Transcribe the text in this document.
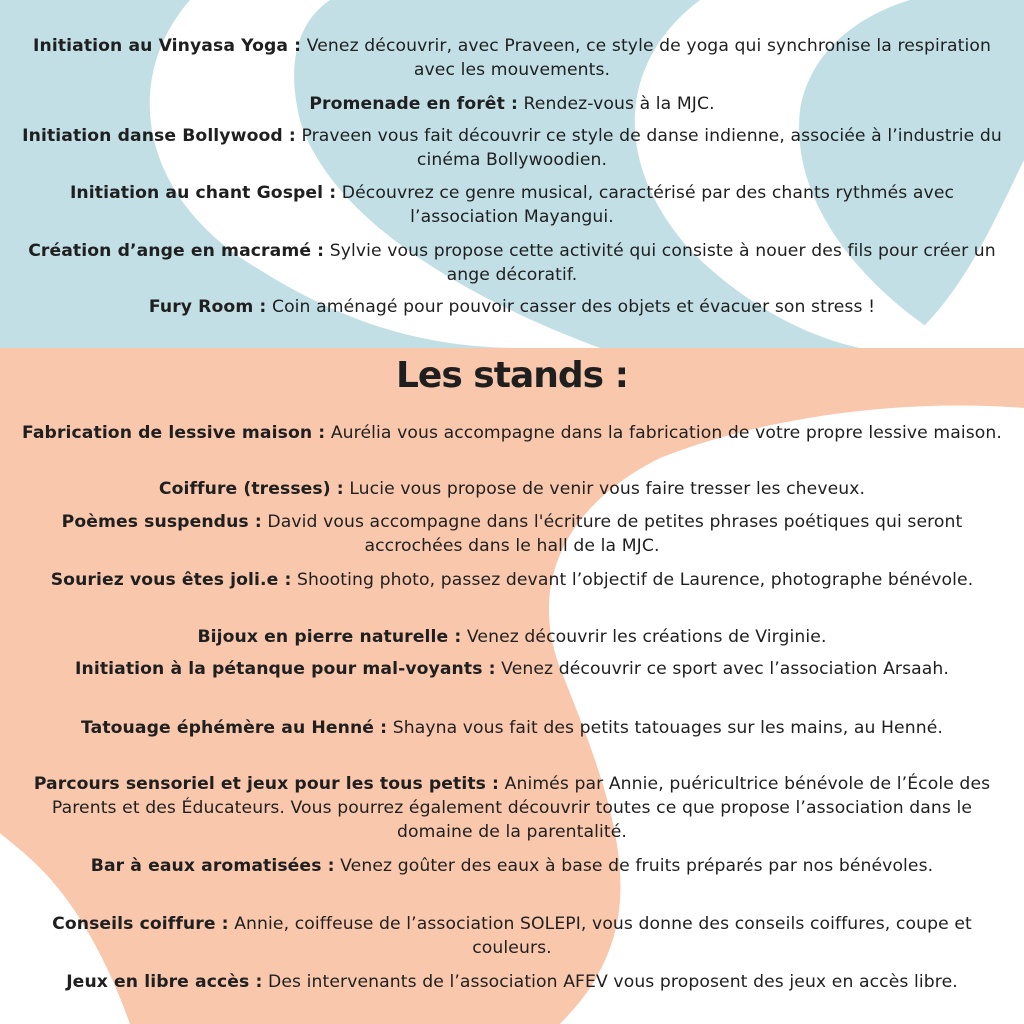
Initiation au Vinyasa Yoga : Venez découvrir, avec Praveen, ce style de yoga qui synchronise la respiration avec les mouvements.
Promenade en forêt : Rendez-vous à la MJC.
Initiation danse Bollywood : Praveen vous fait découvrir ce style de danse indienne, associée à l’industrie du cinéma Bollywoodien.
Initiation au chant Gospel : Découvrez ce genre musical, caractérisé par des chants rythmés avec l’association Mayangui.
Création d’ange en macramé : Sylvie vous propose cette activité qui consiste à nouer des fils pour créer un ange décoratif.
Fury Room : Coin aménagé pour pouvoir casser des objets et évacuer son stress !
Les stands :
Fabrication de lessive maison : Aurélia vous accompagne dans la fabrication de votre propre lessive maison.
Coiffure (tresses) : Lucie vous propose de venir vous faire tresser les cheveux.
Poèmes suspendus : David vous accompagne dans l'écriture de petites phrases poétiques qui seront accrochées dans le hall de la MJC.
Souriez vous êtes joli.e : Shooting photo, passez devant l’objectif de Laurence, photographe bénévole.
Bijoux en pierre naturelle : Venez découvrir les créations de Virginie.
Initiation à la pétanque pour mal-voyants : Venez découvrir ce sport avec l’association Arsaah.
Tatouage éphémère au Henné : Shayna vous fait des petits tatouages sur les mains, au Henné.
Parcours sensoriel et jeux pour les tous petits : Animés par Annie, puéricultrice bénévole de l’École des Parents et des Éducateurs. Vous pourrez également découvrir toutes ce que propose l’association dans le domaine de la parentalité.
Bar à eaux aromatisées : Venez goûter des eaux à base de fruits préparés par nos bénévoles.
Conseils coiffure : Annie, coiffeuse de l’association SOLEPI, vous donne des conseils coiffures, coupe et couleurs.
Jeux en libre accès : Des intervenants de l’association AFEV vous proposent des jeux en accès libre.
